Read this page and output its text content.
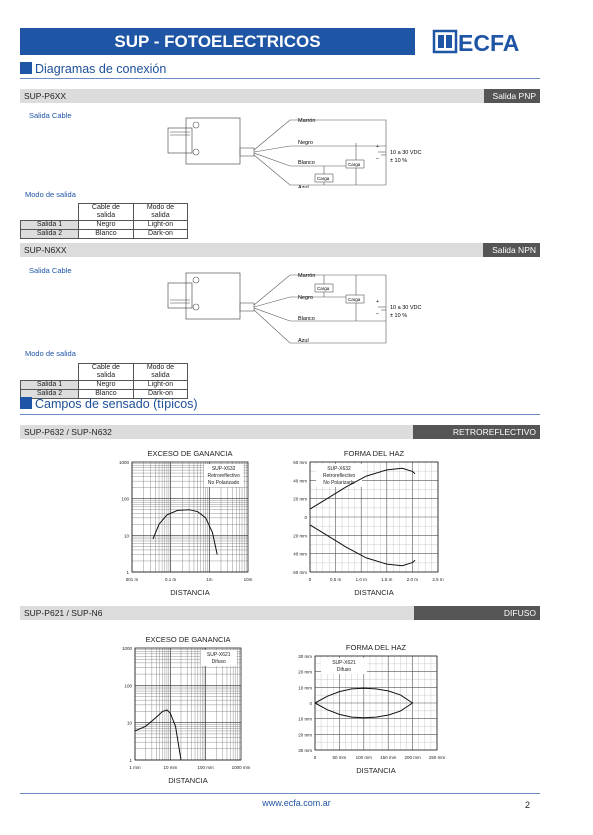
SUP - FOTOELECTRICOS	ECFA
Diagramas de conexión
SUP-P6XX	Salida PNP
Salida Cable
Marrón
Negro
Blanco
Azul
Carga
Carga
+
–
10 a 30 VDC
± 10 %
Modo de salida
	Cable de salida	Modo de salida
Salida 1	Negro	Light-on
Salida 2	Blanco	Dark-on
SUP-N6XX	Salida NPN
Salida Cable
Marrón
Negro
Blanco
Azul
Carga
Carga	+
–
10 a 30 VDC
± 10 %
Modo de salida
	Cable de salida	Modo de salida
Salida 1	Negro	Light-on
Salida 2	Blanco	Dark-on
Campos de sensado (típicos)
SUP-P632 / SUP-N632	RETROREFLECTIVO
SUP-P621 / SUP-N6	DIFUSO
EXCESO DE GANANCIA
DISTANCIA
001 m	0.1 m	1m	10m
1000
100
10
1
SUP-X632
Retroreflectivo
No Polarizado
FORMA DEL HAZ
DISTANCIA
0	0.5 m	1.0 m	1.5 m	2.0 m	2.5 m
60 mm
40 mm
20 mm
0
20 mm
40 mm
60 mm
SUP-X632
Retroreflectivo
No Polarizado
EXCESO DE GANANCIA
DISTANCIA
1 mm	10 mm	100 mm	1000 mm
1000
100
10
1
SUP-X621
Difuso
FORMA DEL HAZ
DISTANCIA
0	50 mm 100 mm 150 mm 200 mm 250 mm
30 mm
20 mm
10 mm
0
10 mm
20 mm
30 mm
SUP-X621
Difuso
www.ecfa.com.ar	2
